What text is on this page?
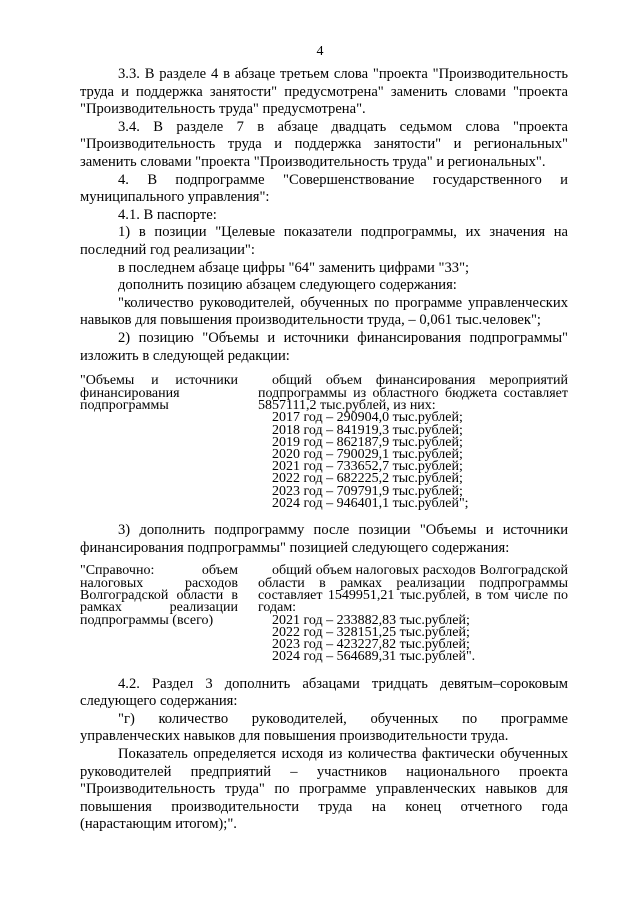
4

3.3. В разделе 4 в абзаце третьем слова "проекта "Производительность труда и поддержка занятости" предусмотрена" заменить словами "проекта "Производительность труда" предусмотрена".

3.4. В разделе 7 в абзаце двадцать седьмом слова "проекта "Производительность труда и поддержка занятости" и региональных" заменить словами "проекта "Производительность труда" и региональных".

4. В подпрограмме "Совершенствование государственного и муниципального управления":

4.1. В паспорте:

1) в позиции "Целевые показатели подпрограммы, их значения на последний год реализации":

в последнем абзаце цифры "64" заменить цифрами "33";

дополнить позицию абзацем следующего содержания:

"количество руководителей, обученных по программе управленческих навыков для повышения производительности труда, – 0,061 тыс.человек";

2) позицию "Объемы и источники финансирования подпрограммы" изложить в следующей редакции:

"Объемы и источники финансирования подпрограммы
общий объем финансирования мероприятий подпрограммы из областного бюджета составляет 5857111,2 тыс.рублей, из них:
2017 год – 290904,0 тыс.рублей;
2018 год – 841919,3 тыс.рублей;
2019 год – 862187,9 тыс.рублей;
2020 год – 790029,1 тыс.рублей;
2021 год – 733652,7 тыс.рублей;
2022 год – 682225,2 тыс.рублей;
2023 год – 709791,9 тыс.рублей;
2024 год – 946401,1 тыс.рублей";

3) дополнить подпрограмму после позиции "Объемы и источники финансирования подпрограммы" позицией следующего содержания:

"Справочно: объем налоговых расходов Волгоградской области в рамках реализации подпрограммы (всего)
общий объем налоговых расходов Волгоградской области в рамках реализации подпрограммы составляет 1549951,21 тыс.рублей, в том числе по годам:
2021 год – 233882,83 тыс.рублей;
2022 год – 328151,25 тыс.рублей;
2023 год – 423227,82 тыс.рублей;
2024 год – 564689,31 тыс.рублей".

4.2. Раздел 3 дополнить абзацами тридцать девятым–сороковым следующего содержания:

"г) количество руководителей, обученных по программе управленческих навыков для повышения производительности труда.

Показатель определяется исходя из количества фактически обученных руководителей предприятий – участников национального проекта "Производительность труда" по программе управленческих навыков для повышения производительности труда на конец отчетного года (нарастающим итогом);".
